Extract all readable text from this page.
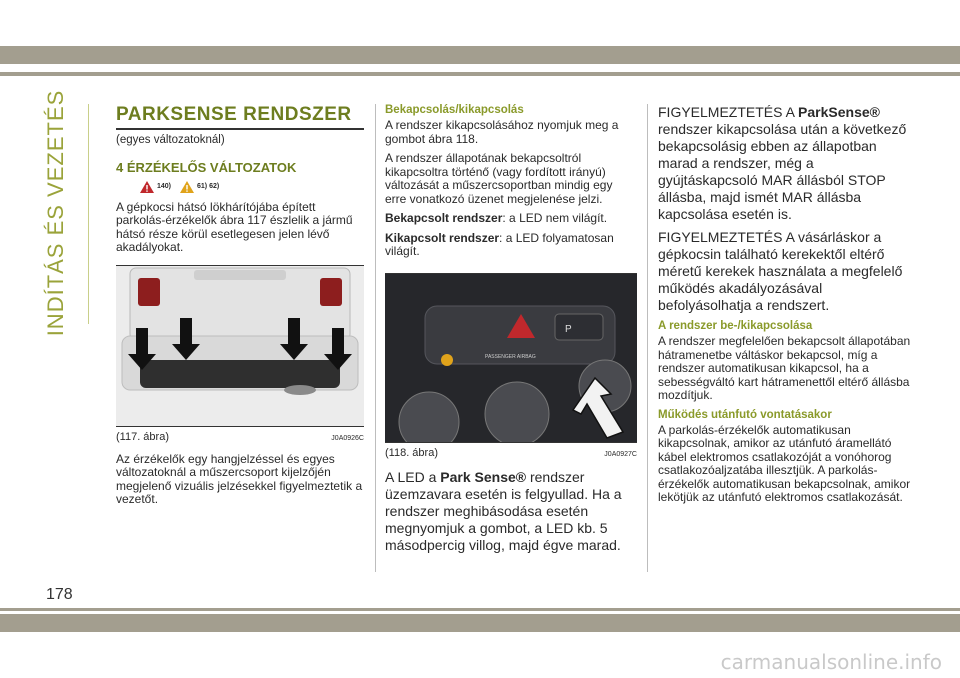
INDÍTÁS ÉS VEZETÉS	PARKSENSE RENDSZER

(egyes változatoknál)

4 ÉRZÉKELŐS VÁLTOZATOK
140)	61) 62)

A gépkocsi hátsó lökhárítójába épített parkolás-érzékelők ábra 117 észlelik a jármű hátsó része körül esetlegesen jelen lévő akadályokat.

(117. ábra)	J0A0926C

Az érzékelők egy hangjelzéssel és egyes változatoknál a műszercsoport kijelzőjén megjelenő vizuális jelzésekkel figyelmeztetik a vezetőt.

Bekapcsolás/kikapcsolás

A rendszer kikapcsolásához nyomjuk meg a gombot ábra 118.

A rendszer állapotának bekapcsoltról kikapcsoltra történő (vagy fordított irányú) változását a műszercsoportban mindig egy erre vonatkozó üzenet megjelenése jelzi.

Bekapcsolt rendszer: a LED nem világít.

Kikapcsolt rendszer: a LED folyamatosan világít.

P
PASSENGER AIRBAG
(118. ábra)	J0A0927C

A LED a Park Sense® rendszer üzemzavara esetén is felgyullad. Ha a rendszer meghibásodása esetén megnyomjuk a gombot, a LED kb. 5 másodpercig villog, majd égve marad.

FIGYELMEZTETÉS A ParkSense® rendszer kikapcsolása után a következő bekapcsolásig ebben az állapotban marad a rendszer, még a gyújtáskapcsoló MAR állásból STOP állásba, majd ismét MAR állásba kapcsolása esetén is.

FIGYELMEZTETÉS A vásárláskor a gépkocsin található kerekektől eltérő méretű kerekek használata a megfelelő működés akadályozásával befolyásolhatja a rendszert.

A rendszer be-/kikapcsolása

A rendszer megfelelően bekapcsolt állapotában hátramenetbe váltáskor bekapcsol, míg a rendszer automatikusan kikapcsol, ha a sebességváltó kart hátramenettől eltérő állásba mozdítjuk.

Működés utánfutó vontatásakor

A parkolás-érzékelők automatikusan kikapcsolnak, amikor az utánfutó áramellátó kábel elektromos csatlakozóját a vonóhorog csatlakozóaljzatába illesztjük. A parkolás-érzékelők automatikusan bekapcsolnak, amikor lekötjük az utánfutó elektromos csatlakozását.

178
carmanualsonline.info
